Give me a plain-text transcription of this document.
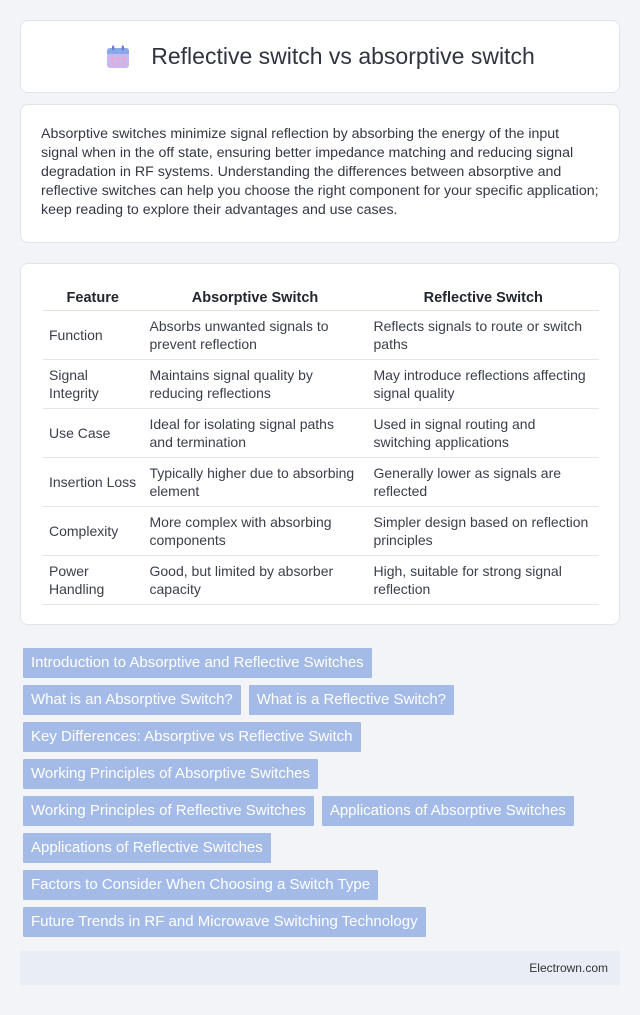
Reflective switch vs absorptive switch

Absorptive switches minimize signal reflection by absorbing the energy of the input signal when in the off state, ensuring better impedance matching and reducing signal degradation in RF systems. Understanding the differences between absorptive and reflective switches can help you choose the right component for your specific application; keep reading to explore their advantages and use cases.

Feature	Absorptive Switch	Reflective Switch
Function	Absorbs unwanted signals to prevent reflection	Reflects signals to route or switch paths
Signal Integrity	Maintains signal quality by reducing reflections	May introduce reflections affecting signal quality
Use Case	Ideal for isolating signal paths and termination	Used in signal routing and switching applications
Insertion Loss	Typically higher due to absorbing element	Generally lower as signals are reflected
Complexity	More complex with absorbing components	Simpler design based on reflection principles
Power Handling	Good, but limited by absorber capacity	High, suitable for strong signal reflection
Introduction to Absorptive and Reflective Switches
What is an Absorptive Switch?	What is a Reflective Switch?
Key Differences: Absorptive vs Reflective Switch
Working Principles of Absorptive Switches
Working Principles of Reflective Switches	Applications of Absorptive Switches
Applications of Reflective Switches
Factors to Consider When Choosing a Switch Type
Future Trends in RF and Microwave Switching Technology
Electrown.com
